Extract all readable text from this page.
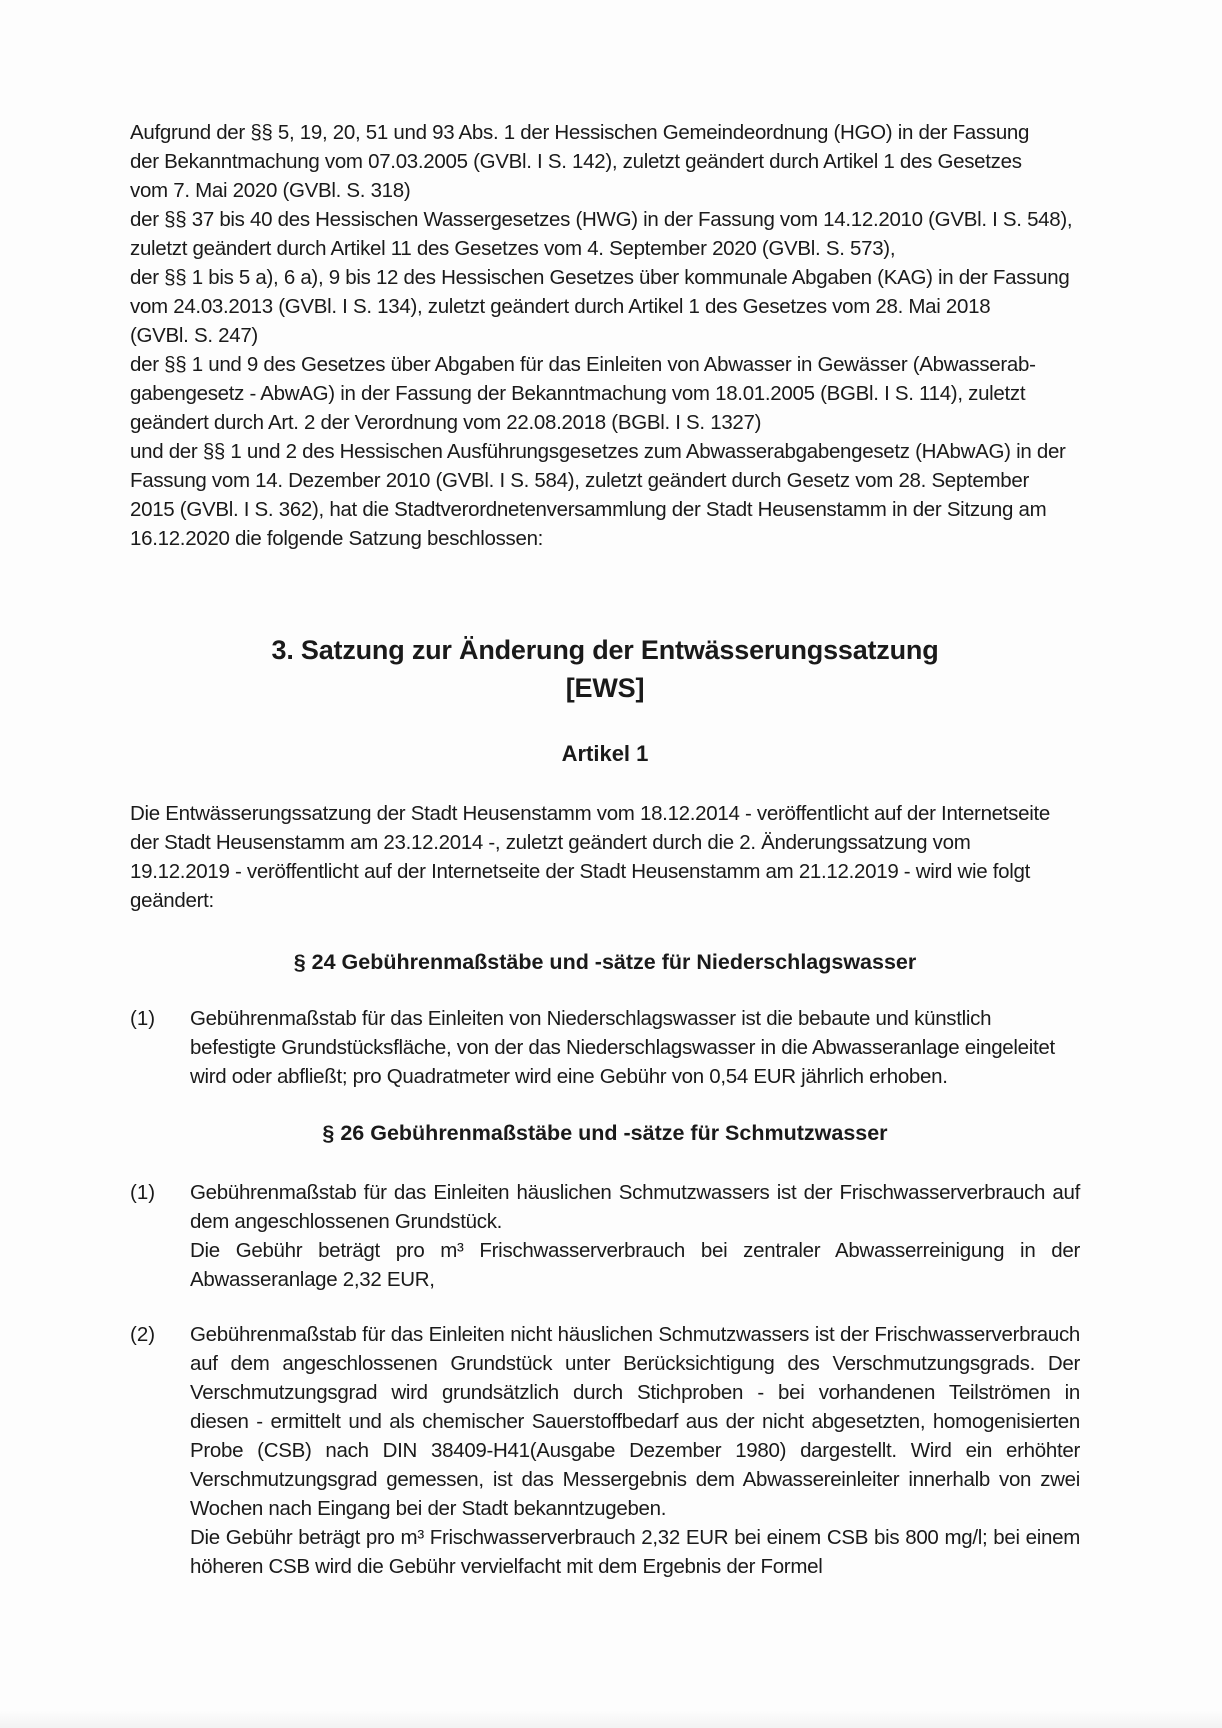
Aufgrund der §§ 5, 19, 20, 51 und 93 Abs. 1 der Hessischen Gemeindeordnung (HGO) in der Fassung
der Bekanntmachung vom 07.03.2005 (GVBl. I S. 142), zuletzt geändert durch Artikel 1 des Gesetzes
vom 7. Mai 2020 (GVBl. S. 318)
der §§ 37 bis 40 des Hessischen Wassergesetzes (HWG) in der Fassung vom 14.12.2010 (GVBl. I S. 548),
zuletzt geändert durch Artikel 11 des Gesetzes vom 4. September 2020 (GVBl. S. 573),
der §§ 1 bis 5 a), 6 a), 9 bis 12 des Hessischen Gesetzes über kommunale Abgaben (KAG) in der Fassung
vom 24.03.2013 (GVBl. I S. 134), zuletzt geändert durch Artikel 1 des Gesetzes vom 28. Mai 2018
(GVBl. S. 247)
der §§ 1 und 9 des Gesetzes über Abgaben für das Einleiten von Abwasser in Gewässer (Abwasserab-
gabengesetz - AbwAG) in der Fassung der Bekanntmachung vom 18.01.2005 (BGBl. I S. 114), zuletzt
geändert durch Art. 2 der Verordnung vom 22.08.2018 (BGBl. I S. 1327)
und der §§ 1 und 2 des Hessischen Ausführungsgesetzes zum Abwasserabgabengesetz (HAbwAG) in der
Fassung vom 14. Dezember 2010 (GVBl. I S. 584), zuletzt geändert durch Gesetz vom 28. September
2015 (GVBl. I S. 362), hat die Stadtverordnetenversammlung der Stadt Heusenstamm in der Sitzung am
16.12.2020 die folgende Satzung beschlossen:
3. Satzung zur Änderung der Entwässerungssatzung
[EWS]
Artikel 1
Die Entwässerungssatzung der Stadt Heusenstamm vom 18.12.2014 - veröffentlicht auf der Internetseite
der Stadt Heusenstamm am 23.12.2014 -, zuletzt geändert durch die 2. Änderungssatzung vom
19.12.2019 - veröffentlicht auf der Internetseite der Stadt Heusenstamm am 21.12.2019 - wird wie folgt
geändert:
§ 24 Gebührenmaßstäbe und -sätze für Niederschlagswasser
(1) Gebührenmaßstab für das Einleiten von Niederschlagswasser ist die bebaute und künstlich
befestigte Grundstücksfläche, von der das Niederschlagswasser in die Abwasseranlage eingeleitet
wird oder abfließt; pro Quadratmeter wird eine Gebühr von 0,54 EUR jährlich erhoben.
§ 26 Gebührenmaßstäbe und -sätze für Schmutzwasser
(1) Gebührenmaßstab für das Einleiten häuslichen Schmutzwassers ist der Frischwasserverbrauch auf
dem angeschlossenen Grundstück.
Die Gebühr beträgt pro m³ Frischwasserverbrauch bei zentraler Abwasserreinigung in der
Abwasseranlage 2,32 EUR,
(2) Gebührenmaßstab für das Einleiten nicht häuslichen Schmutzwassers ist der Frischwasserverbrauch
auf dem angeschlossenen Grundstück unter Berücksichtigung des Verschmutzungsgrads. Der
Verschmutzungsgrad wird grundsätzlich durch Stichproben - bei vorhandenen Teilströmen in
diesen - ermittelt und als chemischer Sauerstoffbedarf aus der nicht abgesetzten, homogenisierten
Probe (CSB) nach DIN 38409-H41(Ausgabe Dezember 1980) dargestellt. Wird ein erhöhter
Verschmutzungsgrad gemessen, ist das Messergebnis dem Abwassereinleiter innerhalb von zwei
Wochen nach Eingang bei der Stadt bekanntzugeben.
Die Gebühr beträgt pro m³ Frischwasserverbrauch 2,32 EUR bei einem CSB bis 800 mg/l; bei einem
höheren CSB wird die Gebühr vervielfacht mit dem Ergebnis der Formel
